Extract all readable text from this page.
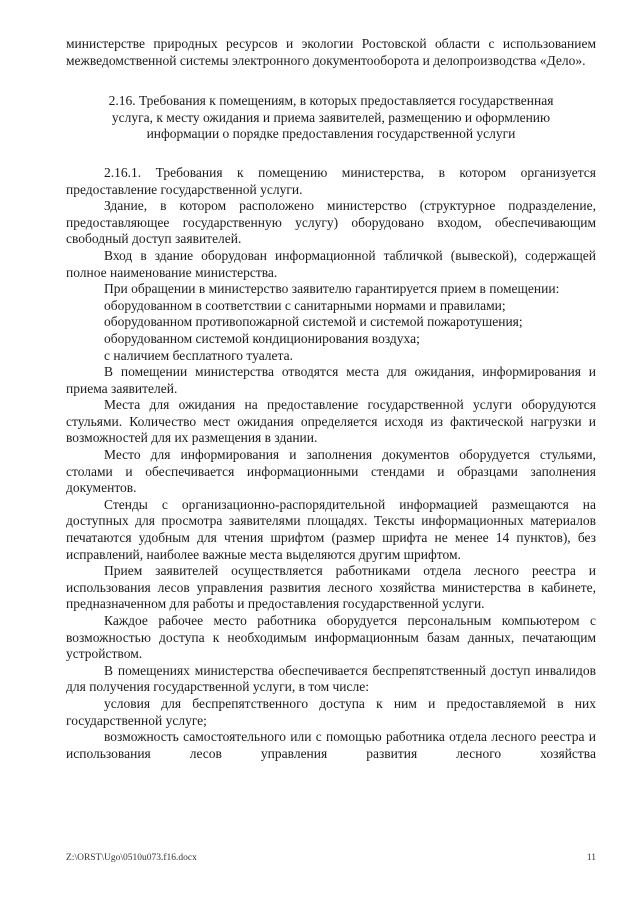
министерстве природных ресурсов и экологии Ростовской области с использованием межведомственной системы электронного документооборота и делопроизводства «Дело».

2.16. Требования к помещениям, в которых предоставляется государственная
услуга, к месту ожидания и приема заявителей, размещению и оформлению
информации о порядке предоставления государственной услуги

2.16.1. Требования к помещению министерства, в котором организуется предоставление государственной услуги.

Здание, в котором расположено министерство (структурное подразделение, предоставляющее государственную услугу) оборудовано входом, обеспечивающим свободный доступ заявителей.

Вход в здание оборудован информационной табличкой (вывеской), содержащей полное наименование министерства.

При обращении в министерство заявителю гарантируется прием в помещении:

оборудованном в соответствии с санитарными нормами и правилами;

оборудованном противопожарной системой и системой пожаротушения;

оборудованном системой кондиционирования воздуха;

с наличием бесплатного туалета.

В помещении министерства отводятся места для ожидания, информирования и приема заявителей.

Места для ожидания на предоставление государственной услуги оборудуются стульями. Количество мест ожидания определяется исходя из фактической нагрузки и возможностей для их размещения в здании.

Место для информирования и заполнения документов оборудуется стульями, столами и обеспечивается информационными стендами и образцами заполнения документов.

Стенды с организационно-распорядительной информацией размещаются на доступных для просмотра заявителями площадях. Тексты информационных материалов печатаются удобным для чтения шрифтом (размер шрифта не менее 14 пунктов), без исправлений, наиболее важные места выделяются другим шрифтом.

Прием заявителей осуществляется работниками отдела лесного реестра и использования лесов управления развития лесного хозяйства министерства в кабинете, предназначенном для работы и предоставления государственной услуги.

Каждое рабочее место работника оборудуется персональным компьютером с возможностью доступа к необходимым информационным базам данных, печатающим устройством.

В помещениях министерства обеспечивается беспрепятственный доступ инвалидов для получения государственной услуги, в том числе:

условия для беспрепятственного доступа к ним и предоставляемой в них государственной услуге;

возможность самостоятельного или с помощью работника отдела лесного реестра и использования лесов управления развития лесного хозяйства

Z:\ORST\Ugo\0510u073.f16.docx	11
